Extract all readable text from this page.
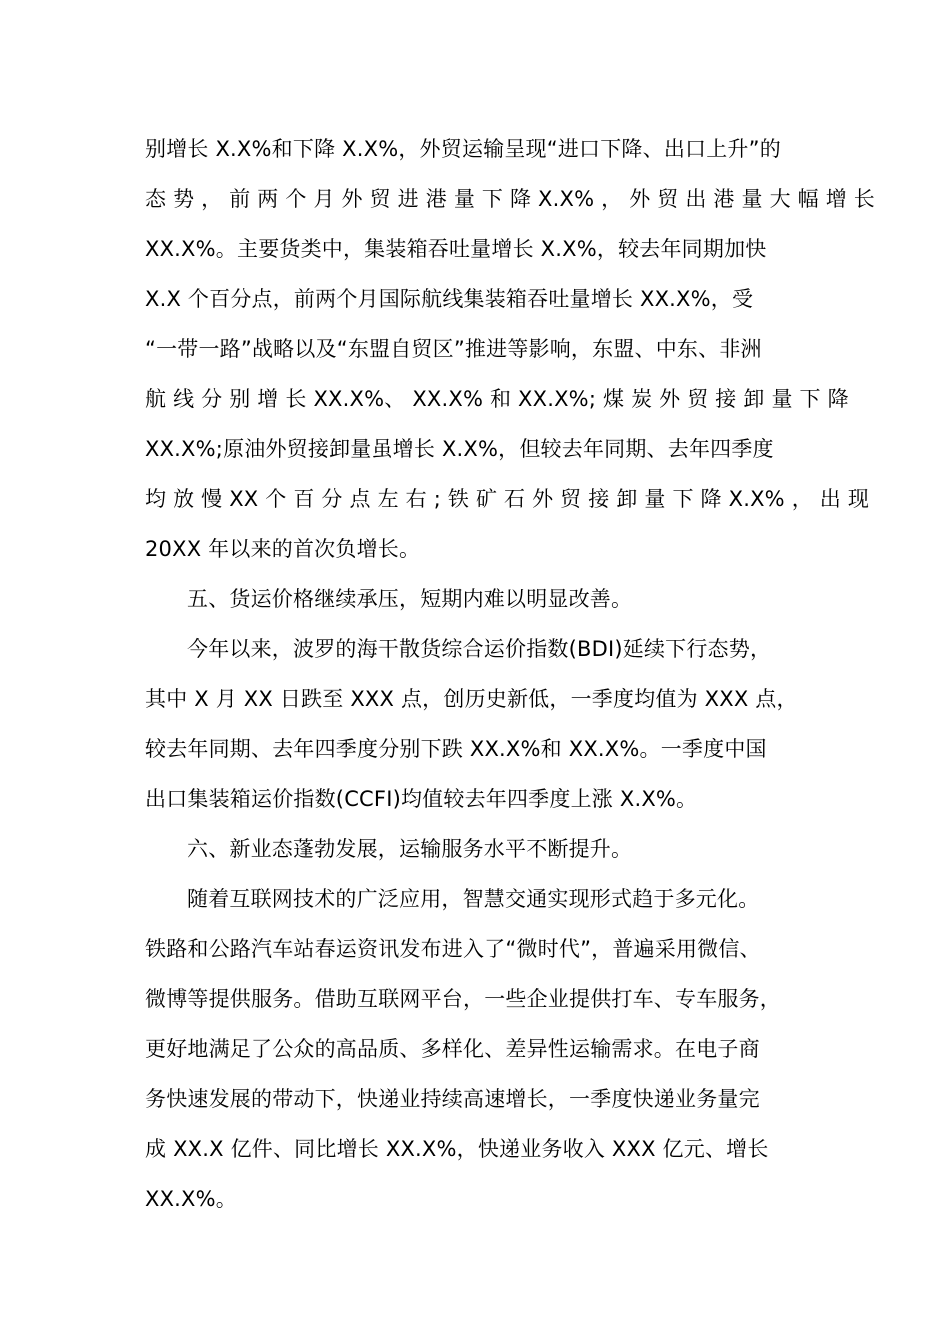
别增长 X.X%和下降 X.X%，外贸运输呈现“进口下降、出口上升”的
态 势 ， 前 两 个 月 外 贸 进 港 量 下 降 X.X% ， 外 贸 出 港 量 大 幅 增 长
XX.X%。主要货类中，集装箱吞吐量增长 X.X%，较去年同期加快
X.X 个百分点，前两个月国际航线集装箱吞吐量增长 XX.X%，受
“一带一路”战略以及“东盟自贸区”推进等影响，东盟、中东、非洲
航 线 分 别 增 长 XX.X%、 XX.X% 和 XX.X%; 煤 炭 外 贸 接 卸 量 下 降
XX.X%;原油外贸接卸量虽增长 X.X%，但较去年同期、去年四季度
均 放 慢 XX 个 百 分 点 左 右 ; 铁 矿 石 外 贸 接 卸 量 下 降 X.X% ， 出 现
20XX 年以来的首次负增长。
五、货运价格继续承压，短期内难以明显改善。
今年以来，波罗的海干散货综合运价指数(BDI)延续下行态势，
其中 X 月 XX 日跌至 XXX 点，创历史新低，一季度均值为 XXX 点，
较去年同期、去年四季度分别下跌 XX.X%和 XX.X%。一季度中国
出口集装箱运价指数(CCFI)均值较去年四季度上涨 X.X%。
六、新业态蓬勃发展，运输服务水平不断提升。
随着互联网技术的广泛应用，智慧交通实现形式趋于多元化。
铁路和公路汽车站春运资讯发布进入了“微时代”，普遍采用微信、
微博等提供服务。借助互联网平台，一些企业提供打车、专车服务，
更好地满足了公众的高品质、多样化、差异性运输需求。在电子商
务快速发展的带动下，快递业持续高速增长，一季度快递业务量完
成 XX.X 亿件、同比增长 XX.X%，快递业务收入 XXX 亿元、增长
XX.X%。
